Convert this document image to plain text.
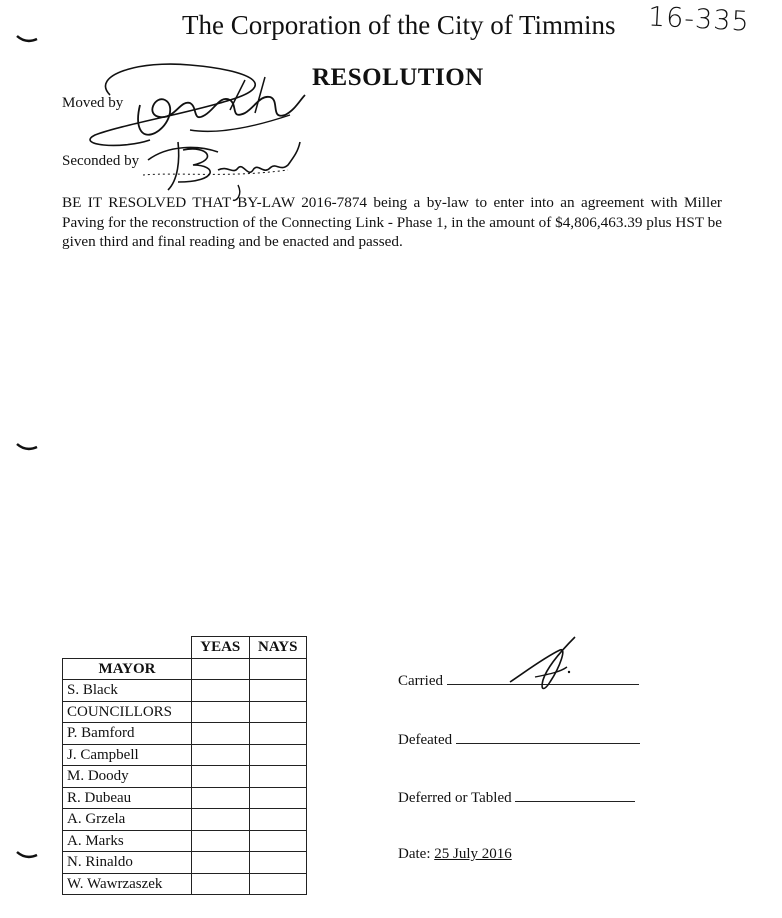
The Corporation of the City of Timmins 16-335
RESOLUTION
Moved by
Seconded by
BE IT RESOLVED THAT BY-LAW 2016-7874 being a by-law to enter into an agreement with Miller Paving for the reconstruction of the Connecting Link - Phase 1, in the amount of $4,806,463.39 plus HST be given third and final reading and be enacted and passed.
	YEAS	NAYS
MAYOR		
S. Black		
COUNCILLORS		
P. Bamford		
J. Campbell		
M. Doody		
R. Dubeau		
A. Grzela		
A. Marks		
N. Rinaldo		
W. Wawrzaszek		
Carried
Defeated
Deferred or Tabled
Date: 25 July 2016
